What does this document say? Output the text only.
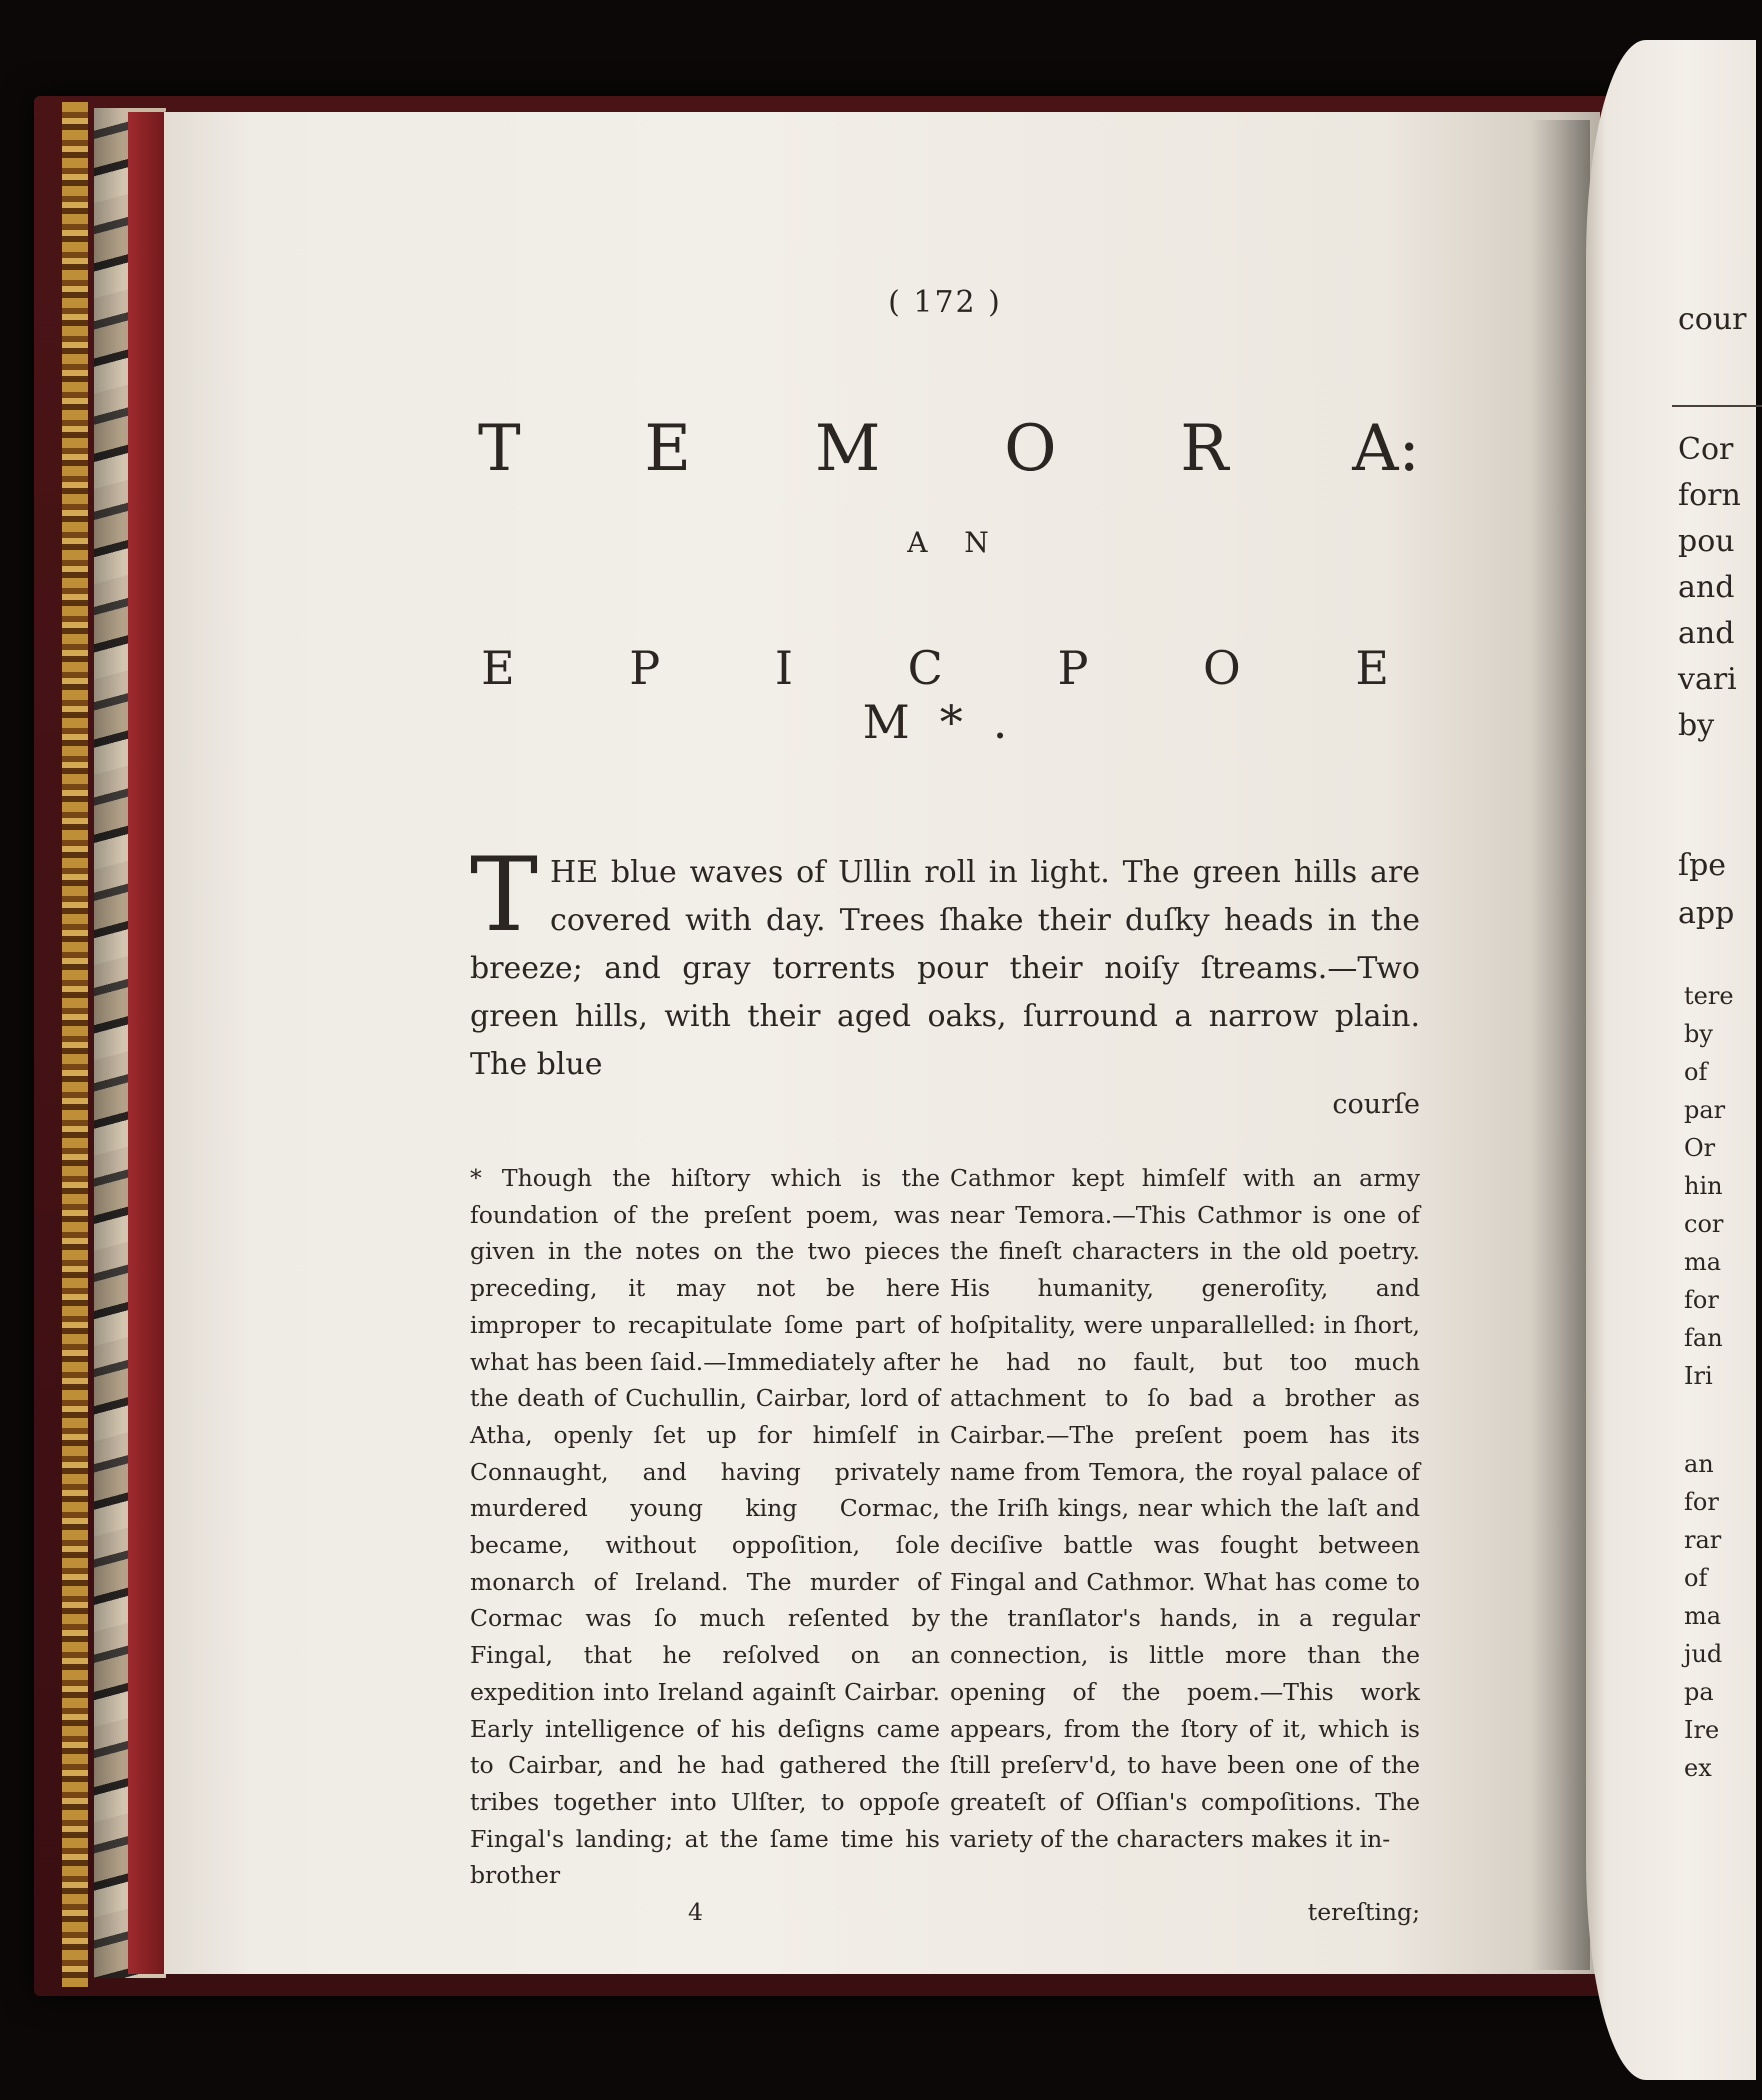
( 172 )
T E M O R A:
A N
E P I C P O E M*.

THE blue waves of Ullin roll in light. The green hills are covered with day. Trees ſhake their duſky heads in the breeze; and gray torrents pour their noiſy ſtreams.—Two green hills, with their aged oaks, ſurround a narrow plain. The blue

courſe

* Though the hiſtory which is the foundation of the preſent poem, was given in the notes on the two pieces preceding, it may not be here improper to recapitulate ſome part of what has been ſaid.—Immediately after the death of Cuchullin, Cairbar, lord of Atha, openly ſet up for himſelf in Connaught, and having privately murdered young king Cormac, became, without oppoſition, ſole monarch of Ireland. The murder of Cormac was ſo much reſented by Fingal, that he reſolved on an expedition into Ireland againſt Cairbar. Early intelligence of his deſigns came to Cairbar, and he had gathered the tribes together into Ulſter, to oppoſe Fingal's landing; at the ſame time his brother

Cathmor kept himſelf with an army near Temora.—This Cathmor is one of the fineſt characters in the old poetry. His humanity, generoſity, and hoſpitality, were unparallelled: in ſhort, he had no fault, but too much attachment to ſo bad a brother as Cairbar.—The preſent poem has its name from Temora, the royal palace of the Iriſh kings, near which the laſt and deciſive battle was fought between Fingal and Cathmor. What has come to the tranſlator's hands, in a regular connection, is little more than the opening of the poem.—This work appears, from the ſtory of it, which is ſtill preſerv'd, to have been one of the greateſt of Oſſian's compoſitions. The variety of the characters makes it in-

4	tereſting;
cour
Cor
forn
pou
and
and
vari
by
ſpe
app
tere
by
of
par
Or
hin
cor
ma
for
fan
Iri
an
for
rar
of
ma
jud
pa
Ire
ex
